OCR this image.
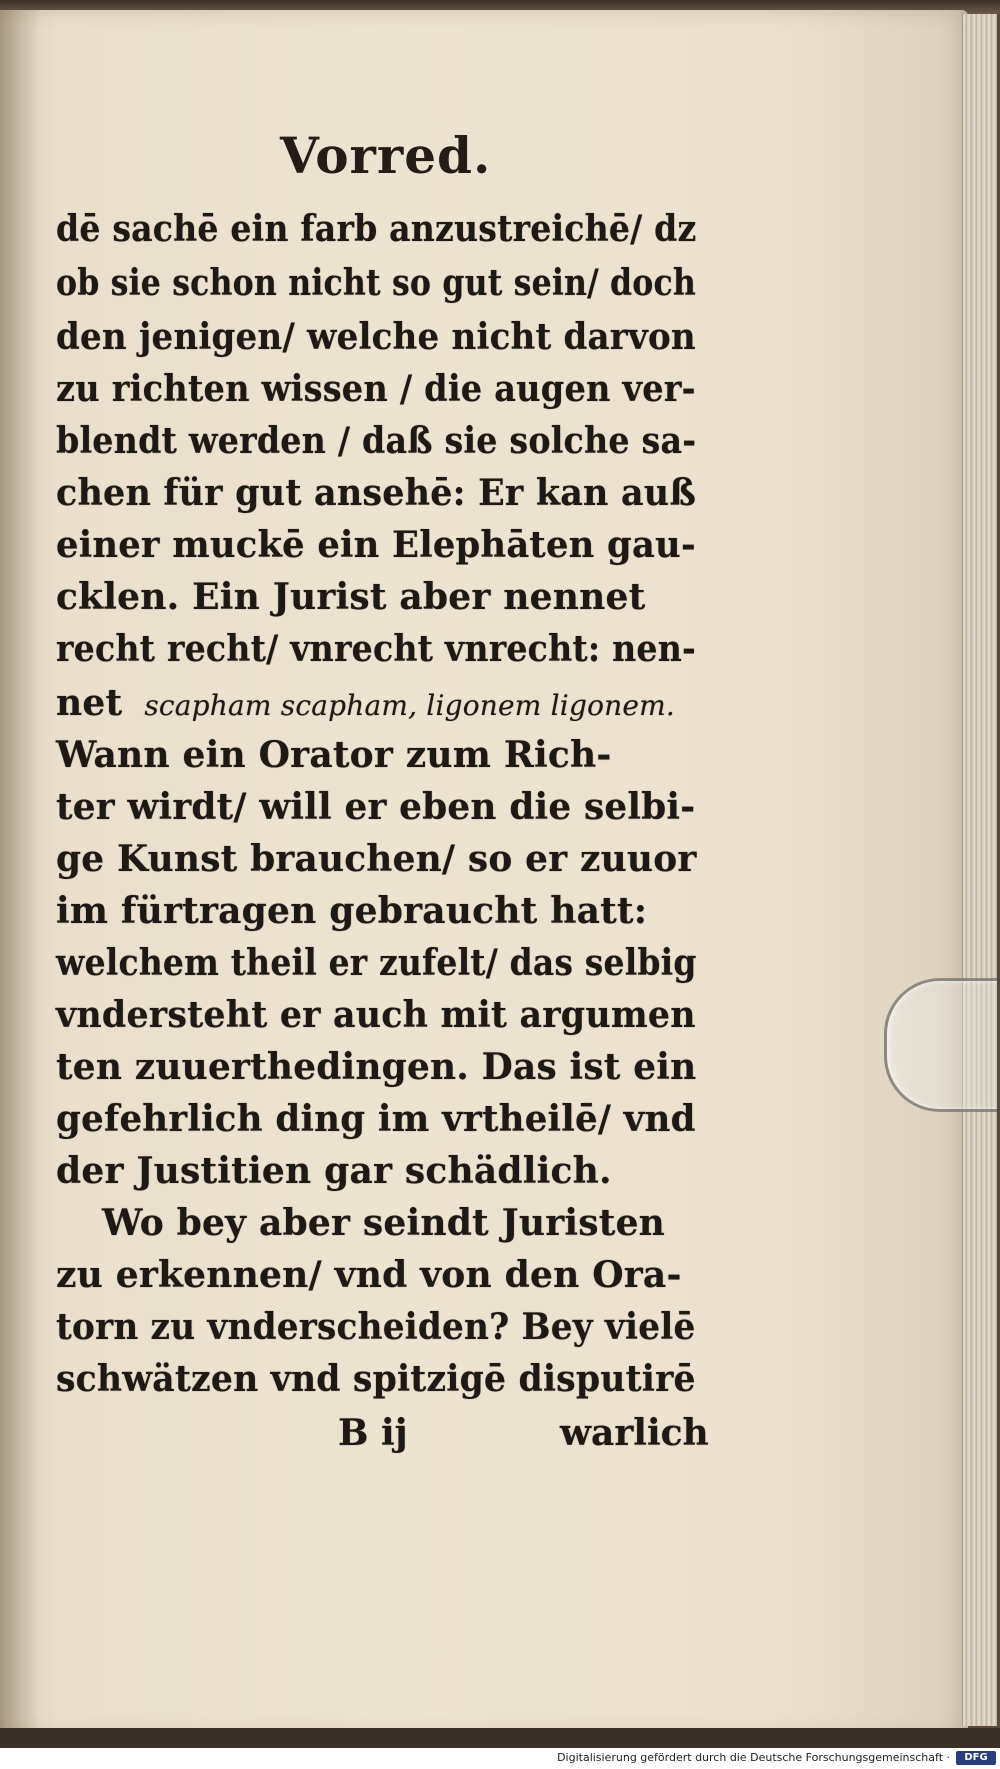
Vorred.
dē sachē ein farb anzustreichē/ dz
ob sie schon nicht so gut sein/ doch
den jenigen/ welche nicht darvon
zu richten wissen / die augen ver-
blendt werden / daß sie solche sa-
chen für gut ansehē: Er kan auß
einer muckē ein Elephāten gau-
cklen. Ein Jurist aber nennet
recht recht/ vnrecht vnrecht: nen-
net scapham scapham, ligonem ligonem.
Wann ein Orator zum Rich-
ter wirdt/ will er eben die selbi-
ge Kunst brauchen/ so er zuuor
im fürtragen gebraucht hatt:
welchem theil er zufelt/ das selbig
vndersteht er auch mit argumen
ten zuuerthedingen. Das ist ein
gefehrlich ding im vrtheilē/ vnd
der Justitien gar schädlich.
Wo bey aber seindt Juristen
zu erkennen/ vnd von den Ora-
torn zu vnderscheiden? Bey vielē
schwätzen vnd spitzigē disputirē
B ij	warlich
Digitalisierung gefördert durch die Deutsche Forschungsgemeinschaft ·	DFG
